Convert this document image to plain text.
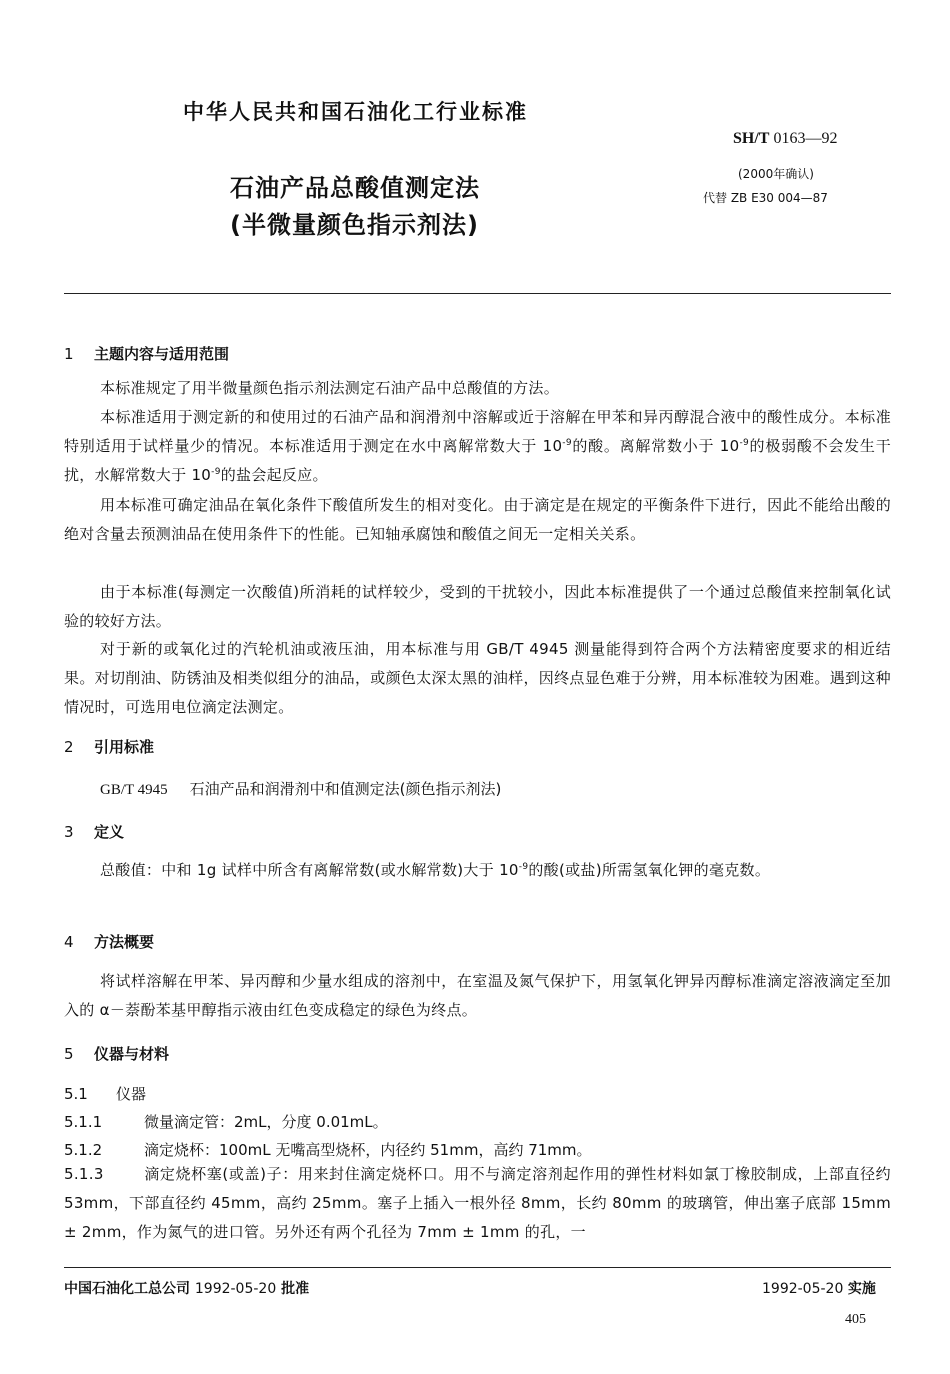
中华人民共和国石油化工行业标准
SH/T 0163—92
(2000年确认)
代替 ZB E30 004—87
石油产品总酸值测定法
(半微量颜色指示剂法)
1 主题内容与适用范围
本标准规定了用半微量颜色指示剂法测定石油产品中总酸值的方法。
本标准适用于测定新的和使用过的石油产品和润滑剂中溶解或近于溶解在甲苯和异丙醇混合液中的酸性成分。本标准特别适用于试样量少的情况。本标准适用于测定在水中离解常数大于 $10^{-9}$的酸。离解常数小于 $10^{-9}$的极弱酸不会发生干扰，水解常数大于 $10^{-9}$的盐会起反应。
用本标准可确定油品在氧化条件下酸值所发生的相对变化。由于滴定是在规定的平衡条件下进行，因此不能给出酸的绝对含量去预测油品在使用条件下的性能。已知轴承腐蚀和酸值之间无一定相关关系。
由于本标准(每测定一次酸值)所消耗的试样较少，受到的干扰较小，因此本标准提供了一个通过总酸值来控制氧化试验的较好方法。
对于新的或氧化过的汽轮机油或液压油，用本标准与用 GB/T 4945 测量能得到符合两个方法精密度要求的相近结果。对切削油、防锈油及相类似组分的油品，或颜色太深太黑的油样，因终点显色难于分辨，用本标准较为困难。遇到这种情况时，可选用电位滴定法测定。
2 引用标准
GB/T 4945 石油产品和润滑剂中和值测定法(颜色指示剂法)
3 定义
总酸值：中和 1g 试样中所含有离解常数(或水解常数)大于 $10^{-9}$的酸(或盐)所需氢氧化钾的毫克数。
4 方法概要
将试样溶解在甲苯、异丙醇和少量水组成的溶剂中，在室温及氮气保护下，用氢氧化钾异丙醇标准滴定溶液滴定至加入的 α－萘酚苯基甲醇指示液由红色变成稳定的绿色为终点。
5 仪器与材料
5.1 仪器
5.1.1	微量滴定管：2mL，分度 0.01mL。
5.1.2	滴定烧杯：100mL 无嘴高型烧杯，内径约 51mm，高约 71mm。
5.1.3	滴定烧杯塞(或盖)子：用来封住滴定烧杯口。用不与滴定溶剂起作用的弹性材料如氯丁橡胶制成，上部直径约 53mm，下部直径约 45mm，高约 25mm。塞子上插入一根外径 8mm，长约 80mm 的玻璃管，伸出塞子底部 15mm ± 2mm，作为氮气的进口管。另外还有两个孔径为 7mm ± 1mm 的孔，一
中国石油化工总公司 1992-05-20 批准	1992-05-20 实施
405
